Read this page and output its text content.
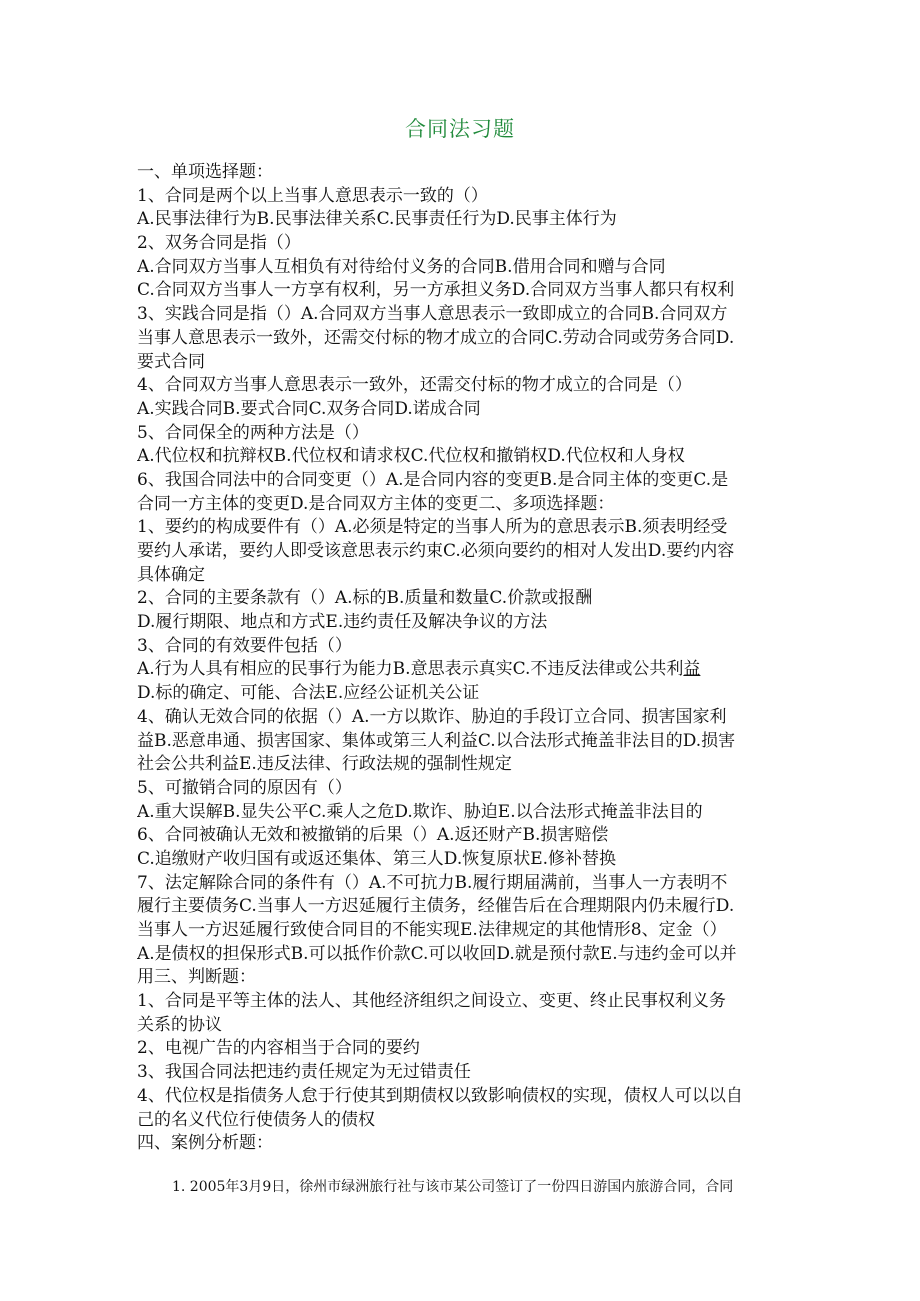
合同法习题
一、单项选择题：
1、合同是两个以上当事人意思表示一致的（）
A.民事法律行为B.民事法律关系C.民事责任行为D.民事主体行为
2、双务合同是指（）
A.合同双方当事人互相负有对待给付义务的合同B.借用合同和赠与合同
C.合同双方当事人一方享有权利，另一方承担义务D.合同双方当事人都只有权利
3、实践合同是指（）A.合同双方当事人意思表示一致即成立的合同B.合同双方
当事人意思表示一致外，还需交付标的物才成立的合同C.劳动合同或劳务合同D.
要式合同
4、合同双方当事人意思表示一致外，还需交付标的物才成立的合同是（）
A.实践合同B.要式合同C.双务合同D.诺成合同
5、合同保全的两种方法是（）
A.代位权和抗辩权B.代位权和请求权C.代位权和撤销权D.代位权和人身权
6、我国合同法中的合同变更（）A.是合同内容的变更B.是合同主体的变更C.是
合同一方主体的变更D.是合同双方主体的变更二、多项选择题：
1、要约的构成要件有（）A.必须是特定的当事人所为的意思表示B.须表明经受
要约人承诺，要约人即受该意思表示约束C.必须向要约的相对人发出D.要约内容
具体确定
2、合同的主要条款有（）A.标的B.质量和数量C.价款或报酬
D.履行期限、地点和方式E.违约责任及解决争议的方法
3、合同的有效要件包括（）
A.行为人具有相应的民事行为能力B.意思表示真实C.不违反法律或公共利益
D.标的确定、可能、合法E.应经公证机关公证
4、确认无效合同的依据（）A.一方以欺诈、胁迫的手段订立合同、损害国家利
益B.恶意串通、损害国家、集体或第三人利益C.以合法形式掩盖非法目的D.损害
社会公共利益E.违反法律、行政法规的强制性规定
5、可撤销合同的原因有（）
A.重大误解B.显失公平C.乘人之危D.欺诈、胁迫E.以合法形式掩盖非法目的
6、合同被确认无效和被撤销的后果（）A.返还财产B.损害赔偿
C.追缴财产收归国有或返还集体、第三人D.恢复原状E.修补替换
7、法定解除合同的条件有（）A.不可抗力B.履行期届满前，当事人一方表明不
履行主要债务C.当事人一方迟延履行主债务，经催告后在合理期限内仍未履行D.
当事人一方迟延履行致使合同目的不能实现E.法律规定的其他情形8、定金（）
A.是债权的担保形式B.可以抵作价款C.可以收回D.就是预付款E.与违约金可以并
用三、判断题：
1、合同是平等主体的法人、其他经济组织之间设立、变更、终止民事权利义务
关系的协议
2、电视广告的内容相当于合同的要约
3、我国合同法把违约责任规定为无过错责任
4、代位权是指债务人怠于行使其到期债权以致影响债权的实现，债权人可以以自
己的名义代位行使债务人的债权
四、案例分析题：
1. 2005年3月9日，徐州市绿洲旅行社与该市某公司签订了一份四日游国内旅游合同，合同
